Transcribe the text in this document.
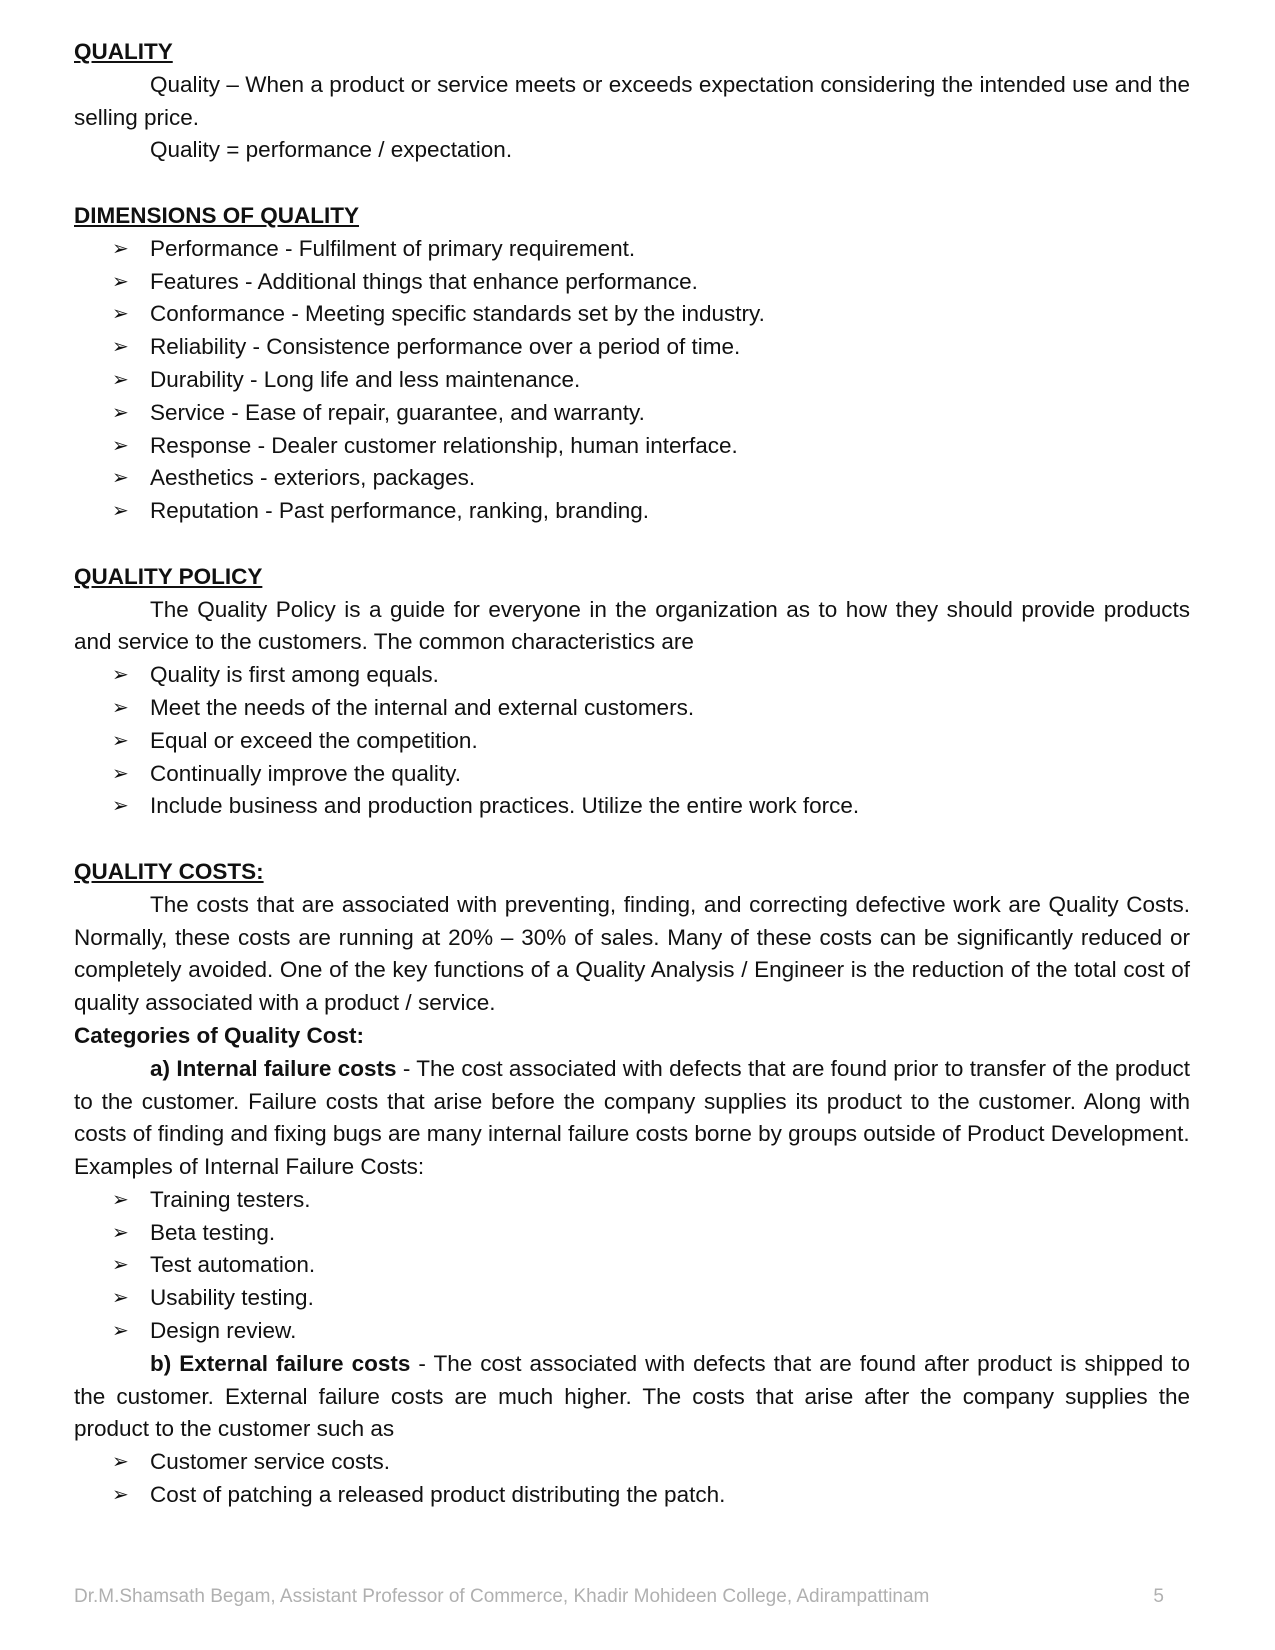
QUALITY

Quality – When a product or service meets or exceeds expectation considering the intended use and the selling price.

Quality = performance / expectation.

DIMENSIONS OF QUALITY
➢ Performance - Fulfilment of primary requirement.
➢ Features - Additional things that enhance performance.
➢ Conformance - Meeting specific standards set by the industry.
➢ Reliability - Consistence performance over a period of time.
➢ Durability - Long life and less maintenance.
➢ Service - Ease of repair, guarantee, and warranty.
➢ Response - Dealer customer relationship, human interface.
➢ Aesthetics - exteriors, packages.
➢ Reputation - Past performance, ranking, branding.
QUALITY POLICY

The Quality Policy is a guide for everyone in the organization as to how they should provide products and service to the customers. The common characteristics are

➢ Quality is first among equals.
➢ Meet the needs of the internal and external customers.
➢ Equal or exceed the competition.
➢ Continually improve the quality.
➢ Include business and production practices. Utilize the entire work force.
QUALITY COSTS:

The costs that are associated with preventing, finding, and correcting defective work are Quality Costs. Normally, these costs are running at 20% – 30% of sales. Many of these costs can be significantly reduced or completely avoided. One of the key functions of a Quality Analysis / Engineer is the reduction of the total cost of quality associated with a product / service.

Categories of Quality Cost:

a) Internal failure costs - The cost associated with defects that are found prior to transfer of the product to the customer. Failure costs that arise before the company supplies its product to the customer. Along with costs of finding and fixing bugs are many internal failure costs borne by groups outside of Product Development.

Examples of Internal Failure Costs:

➢ Training testers.
➢ Beta testing.
➢ Test automation.
➢ Usability testing.
➢ Design review.

b) External failure costs - The cost associated with defects that are found after product is shipped to the customer. External failure costs are much higher. The costs that arise after the company supplies the product to the customer such as

➢ Customer service costs.
➢ Cost of patching a released product distributing the patch.
Dr.M.Shamsath Begam, Assistant Professor of Commerce, Khadir Mohideen College, Adirampattinam	5
